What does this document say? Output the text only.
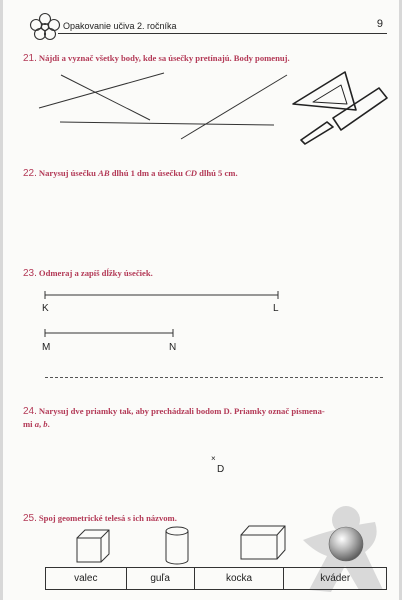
Opakovanie učiva 2. ročníka	9
21. Nájdi a vyznač všetky body, kde sa úsečky pretínajú. Body pomenuj.
22. Narysuj úsečku AB dlhú 1 dm a úsečku CD dlhú 5 cm.
23. Odmeraj a zapíš dĺžky úsečiek.
K	L
M	N
24. Narysuj dve priamky tak, aby prechádzali bodom D. Priamky označ písmena-
mi a, b.
×
D
25. Spoj geometrické telesá s ich názvom.
valec	guľa	kocka	kváder
